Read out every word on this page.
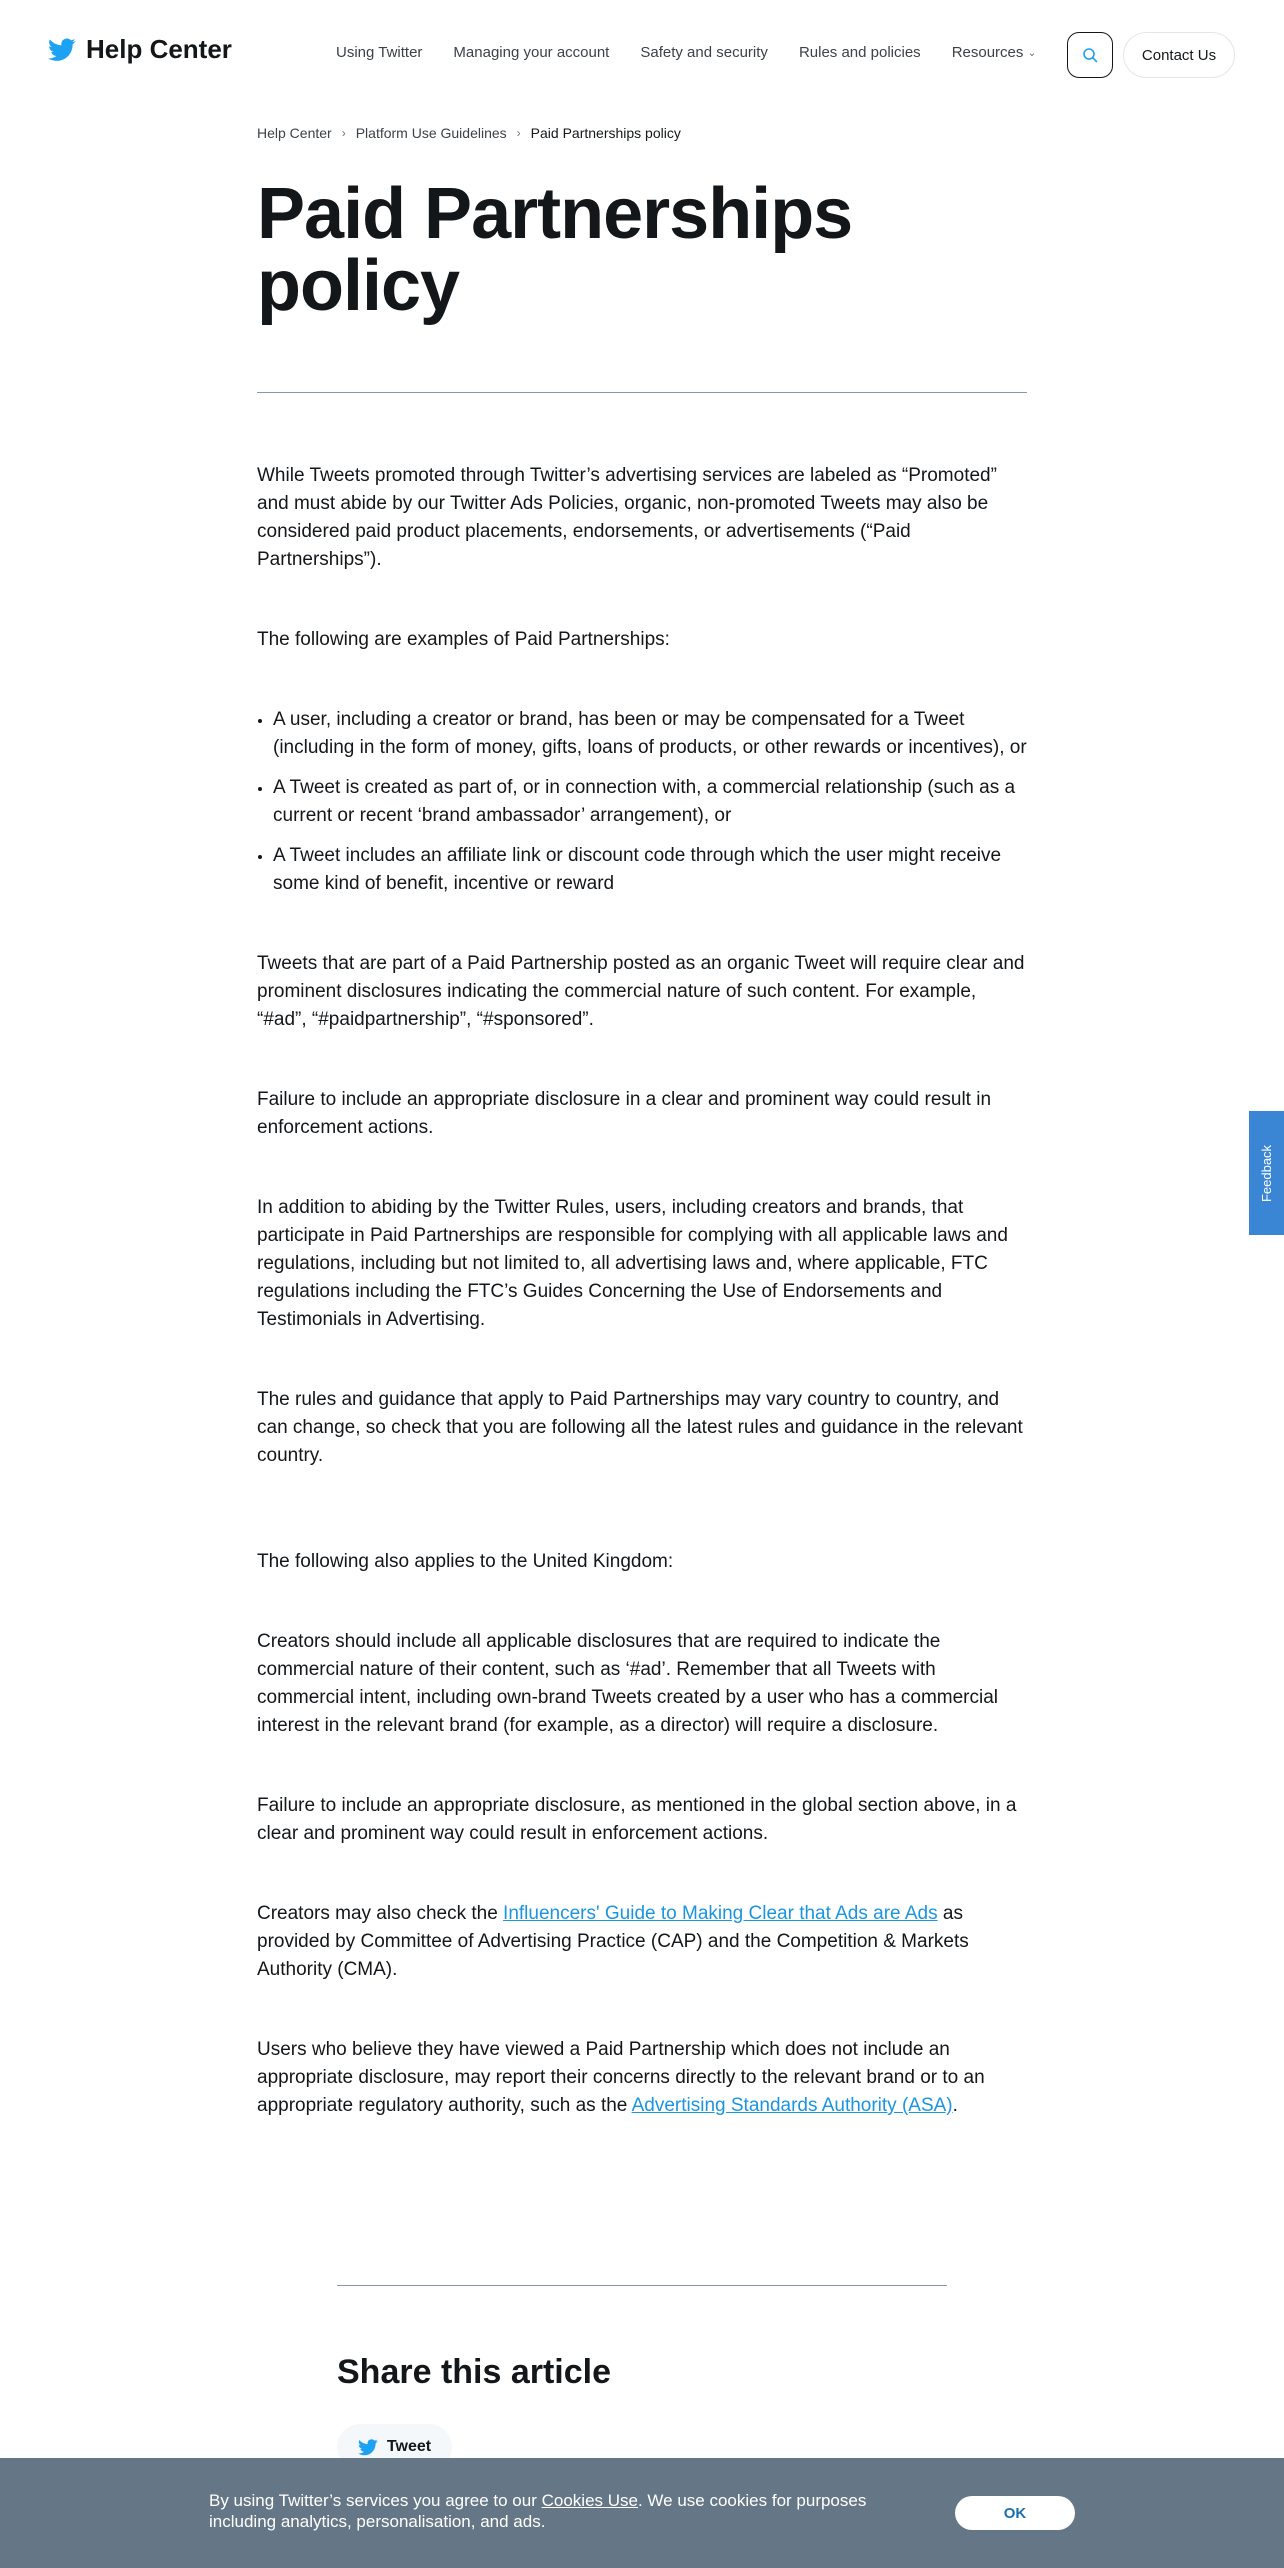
Help Center	Using Twitter Managing your account Safety and security Rules and policies Resources ⌄	Contact Us
Help Center › Platform Use Guidelines › Paid Partnerships policy
Paid Partnerships policy

While Tweets promoted through Twitter’s advertising services are labeled as “Promoted” and must abide by our Twitter Ads Policies, organic, non-promoted Tweets may also be considered paid product placements, endorsements, or advertisements (“Paid Partnerships”).

The following are examples of Paid Partnerships:

• A user, including a creator or brand, has been or may be compensated for a Tweet (including in the form of money, gifts, loans of products, or other rewards or incentives), or
• A Tweet is created as part of, or in connection with, a commercial relationship (such as a current or recent ‘brand ambassador’ arrangement), or
• A Tweet includes an affiliate link or discount code through which the user might receive some kind of benefit, incentive or reward

Tweets that are part of a Paid Partnership posted as an organic Tweet will require clear and prominent disclosures indicating the commercial nature of such content. For example, “#ad”, “#paidpartnership”, “#sponsored”.

Failure to include an appropriate disclosure in a clear and prominent way could result in enforcement actions.

In addition to abiding by the Twitter Rules, users, including creators and brands, that participate in Paid Partnerships are responsible for complying with all applicable laws and regulations, including but not limited to, all advertising laws and, where applicable, FTC regulations including the FTC’s Guides Concerning the Use of Endorsements and Testimonials in Advertising.

The rules and guidance that apply to Paid Partnerships may vary country to country, and can change, so check that you are following all the latest rules and guidance in the relevant country.

The following also applies to the United Kingdom:

Creators should include all applicable disclosures that are required to indicate the commercial nature of their content, such as ‘#ad’. Remember that all Tweets with commercial intent, including own-brand Tweets created by a user who has a commercial interest in the relevant brand (for example, as a director) will require a disclosure.

Failure to include an appropriate disclosure, as mentioned in the global section above, in a clear and prominent way could result in enforcement actions.

Creators may also check the Influencers' Guide to Making Clear that Ads are Ads as provided by Committee of Advertising Practice (CAP) and the Competition & Markets Authority (CMA).

Users who believe they have viewed a Paid Partnership which does not include an appropriate disclosure, may report their concerns directly to the relevant brand or to an appropriate regulatory authority, such as the Advertising Standards Authority (ASA).

Share this article
Tweet
Feedback
By using Twitter’s services you agree to our Cookies Use. We use cookies for purposes including analytics, personalisation, and ads.	OK
